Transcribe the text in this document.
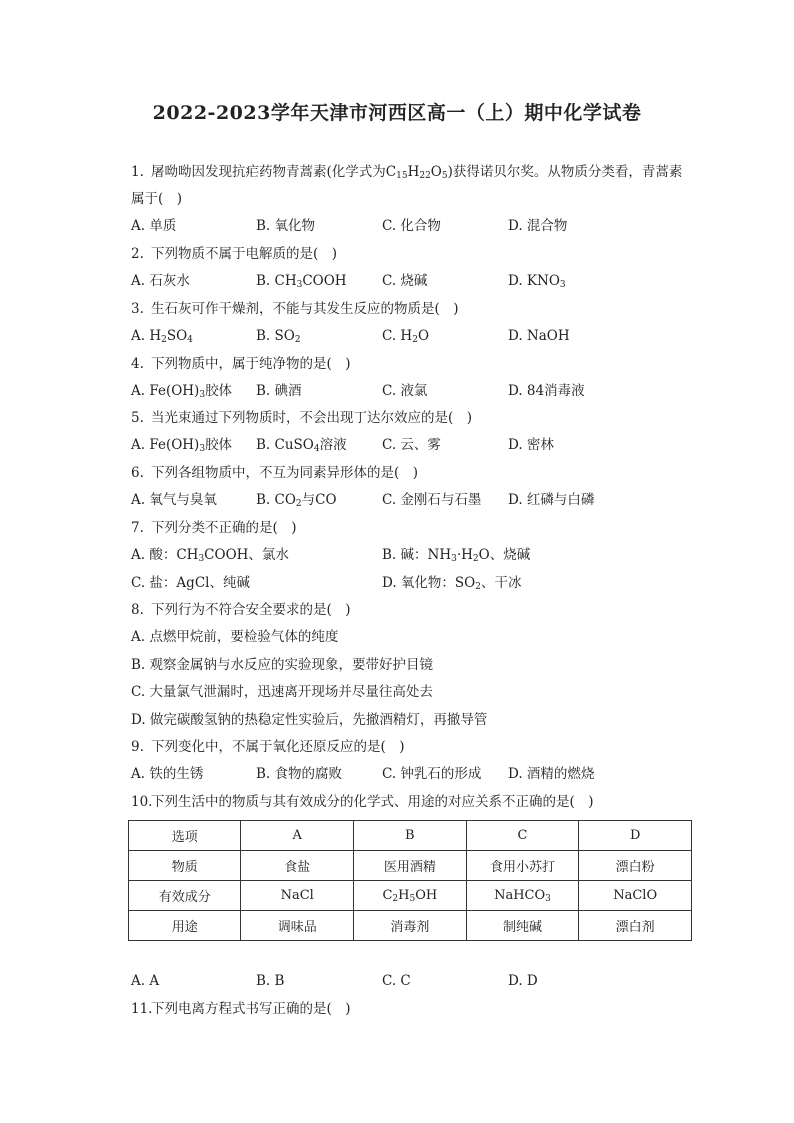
2022-2023学年天津市河西区高一（上）期中化学试卷
1. 屠呦呦因发现抗疟药物青蒿素(化学式为$C_{15}H_{22}O_5$)获得诺贝尔奖。从物质分类看，青蒿素
属于(　)
A. 单质	B. 氧化物	C. 化合物	D. 混合物
2. 下列物质不属于电解质的是(　)
A. 石灰水	B. $CH_3COOH$	C. 烧碱	D. $KNO_3$
3. 生石灰可作干燥剂，不能与其发生反应的物质是(　)
A. $H_2SO_4$	B. $SO_2$	C. $H_2O$	D. NaOH
4. 下列物质中，属于纯净物的是(　)
A. $Fe(OH)_3$胶体 B. 碘酒	C. 液氯	D. 84消毒液
5. 当光束通过下列物质时，不会出现丁达尔效应的是(　)
A. $Fe(OH)_3$胶体 B. CuSO$_4$溶液	C. 云、雾	D. 密林
6. 下列各组物质中，不互为同素异形体的是(　)
A. 氧气与臭氧	B. $CO_2$与CO	C. 金刚石与石墨 D. 红磷与白磷
7. 下列分类不正确的是(　)
A. 酸：$CH_3COOH$、氯水	B. 碱：$NH_3\cdot H_2O$、烧碱
C. 盐：AgCl、纯碱	D. 氧化物：$SO_2$、干冰
8. 下列行为不符合安全要求的是(　)
A. 点燃甲烷前，要检验气体的纯度
B. 观察金属钠与水反应的实验现象，要带好护目镜
C. 大量氯气泄漏时，迅速离开现场并尽量往高处去
D. 做完碳酸氢钠的热稳定性实验后，先撤酒精灯，再撤导管
9. 下列变化中，不属于氧化还原反应的是(　)
A. 铁的生锈	B. 食物的腐败	C. 钟乳石的形成 D. 酒精的燃烧
10.下列生活中的物质与其有效成分的化学式、用途的对应关系不正确的是(　)
选项	A	B	C	D
物质	食盐	医用酒精	食用小苏打	漂白粉
有效成分	NaCl	$C_2H_5OH$	NaHCO$_3$	NaClO
用途	调味品	消毒剂	制纯碱	漂白剂
A. A	B. B	C. C	D. D
11.下列电离方程式书写正确的是(　)
